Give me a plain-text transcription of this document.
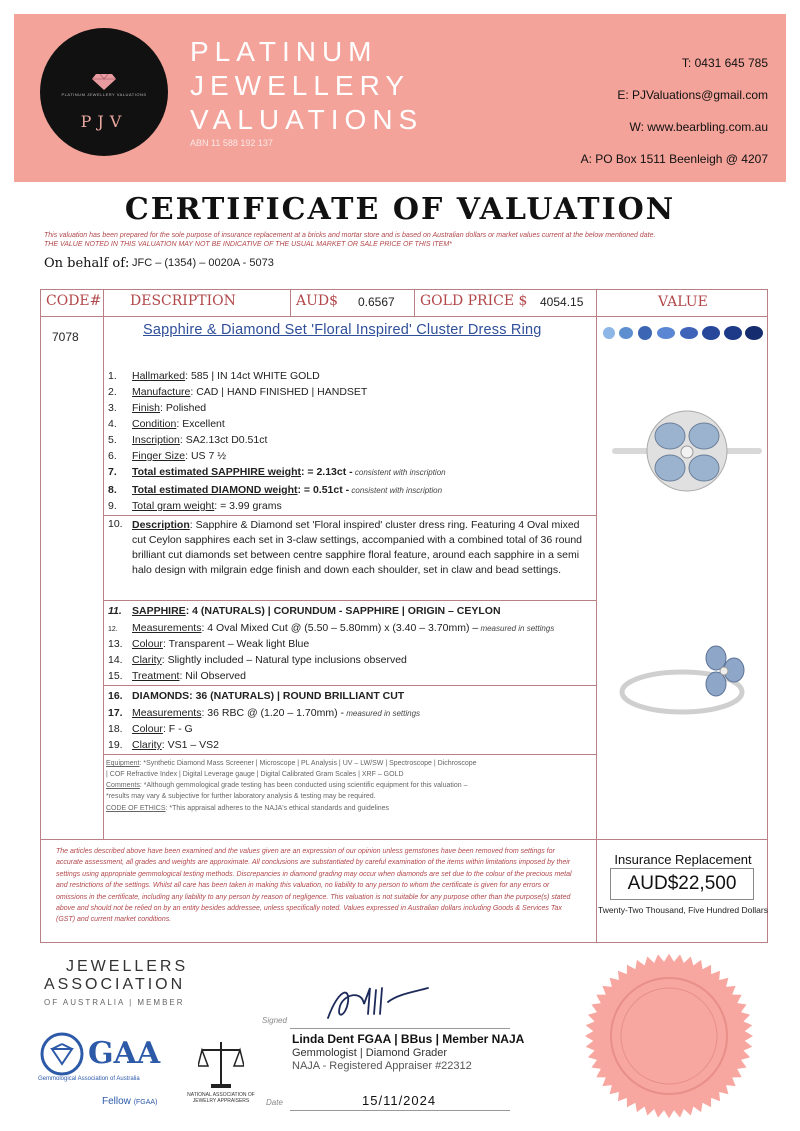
PLATINUM JEWELLERY VALUATIONS
PJV
PLATINUM
JEWELLERY
VALUATIONS
ABN 11 588 192 137
T: 0431 645 785
E: PJValuations@gmail.com
W: www.bearbling.com.au
A: PO Box 1511 Beenleigh @ 4207
CERTIFICATE OF VALUATION
This valuation has been prepared for the sole purpose of insurance replacement at a bricks and mortar store and is based on Australian dollars or market values current at the below mentioned date.
THE VALUE NOTED IN THIS VALUATION MAY NOT BE INDICATIVE OF THE USUAL MARKET OR SALE PRICE OF THIS ITEM*
On behalf of: JFC – (1354) – 0020A - 5073
CODE# DESCRIPTION	AUD$ 0.6567 GOLD PRICE $ 4054.15	VALUE
7078	Sapphire & Diamond Set 'Floral Inspired' Cluster Dress Ring
1. Hallmarked: 585 | IN 14ct WHITE GOLD
2. Manufacture: CAD | HAND FINISHED | HANDSET
3. Finish: Polished
4. Condition: Excellent
5. Inscription: SA2.13ct D0.51ct
6. Finger Size: US 7 ½
7. Total estimated SAPPHIRE weight: = 2.13ct - consistent with inscription
8. Total estimated DIAMOND weight: = 0.51ct - consistent with inscription
9. Total gram weight: = 3.99 grams
10. Description: Sapphire & Diamond set 'Floral inspired' cluster dress ring. Featuring 4 Oval mixed cut Ceylon sapphires each set in 3-claw settings, accompanied with a combined total of 36 round brilliant cut diamonds set between centre sapphire floral feature, around each sapphire in a semi halo design with milgrain edge finish and down each shoulder, set in claw and bead settings.
11. SAPPHIRE: 4 (NATURALS) | CORUNDUM - SAPPHIRE | ORIGIN – CEYLON
12. Measurements: 4 Oval Mixed Cut @ (5.50 – 5.80mm) x (3.40 – 3.70mm) – measured in settings
13. Colour: Transparent – Weak light Blue
14. Clarity: Slightly included – Natural type inclusions observed
15. Treatment: Nil Observed
16. DIAMONDS: 36 (NATURALS) | ROUND BRILLIANT CUT
17. Measurements: 36 RBC @ (1.20 – 1.70mm) - measured in settings
18. Colour: F - G
19. Clarity: VS1 – VS2
Equipment: *Synthetic Diamond Mass Screener | Microscope | PL Analysis | UV – LW/SW | Spectroscope | Dichroscope
| COF Refractive Index | Digital Leverage gauge | Digital Calibrated Gram Scales | XRF – GOLD
Comments: *Although gemmological grade testing has been conducted using scientific equipment for this valuation –
*results may vary & subjective for further laboratory analysis & testing may be required.
CODE OF ETHICS: *This appraisal adheres to the NAJA's ethical standards and guidelines
The articles described above have been examined and the values given are an expression of our opinion unless gemstones have been removed from settings for accurate assessment, all grades and weights are approximate. All conclusions are substantiated by careful examination of the items within limitations imposed by their settings using appropriate gemmological testing methods. Discrepancies in diamond grading may occur when diamonds are set due to the colour of the precious metal and restrictions of the settings. Whilst all care has been taken in making this valuation, no liability to any person to whom the certificate is given for any errors or omissions in the certificate, including any liability to any person by reason of negligence. This valuation is not suitable for any purpose other than the purpose(s) stated above and should not be relied on by an entity besides addressee, unless specifically noted. Values expressed in Australian dollars including Goods & Services Tax (GST) and current market conditions.
Insurance Replacement
AUD$22,500
Twenty-Two Thousand, Five Hundred Dollars
JEWELLERS
ASSOCIATION
OF AUSTRALIA | MEMBER
GAA
Gemmological Association of Australia
Fellow (FGAA)
NATIONAL ASSOCIATION OF JEWELRY APPRAISERS
Signed
Linda Dent FGAA | BBus | Member NAJA
Gemmologist | Diamond Grader
NAJA - Registered Appraiser #22312
Date	15/11/2024
